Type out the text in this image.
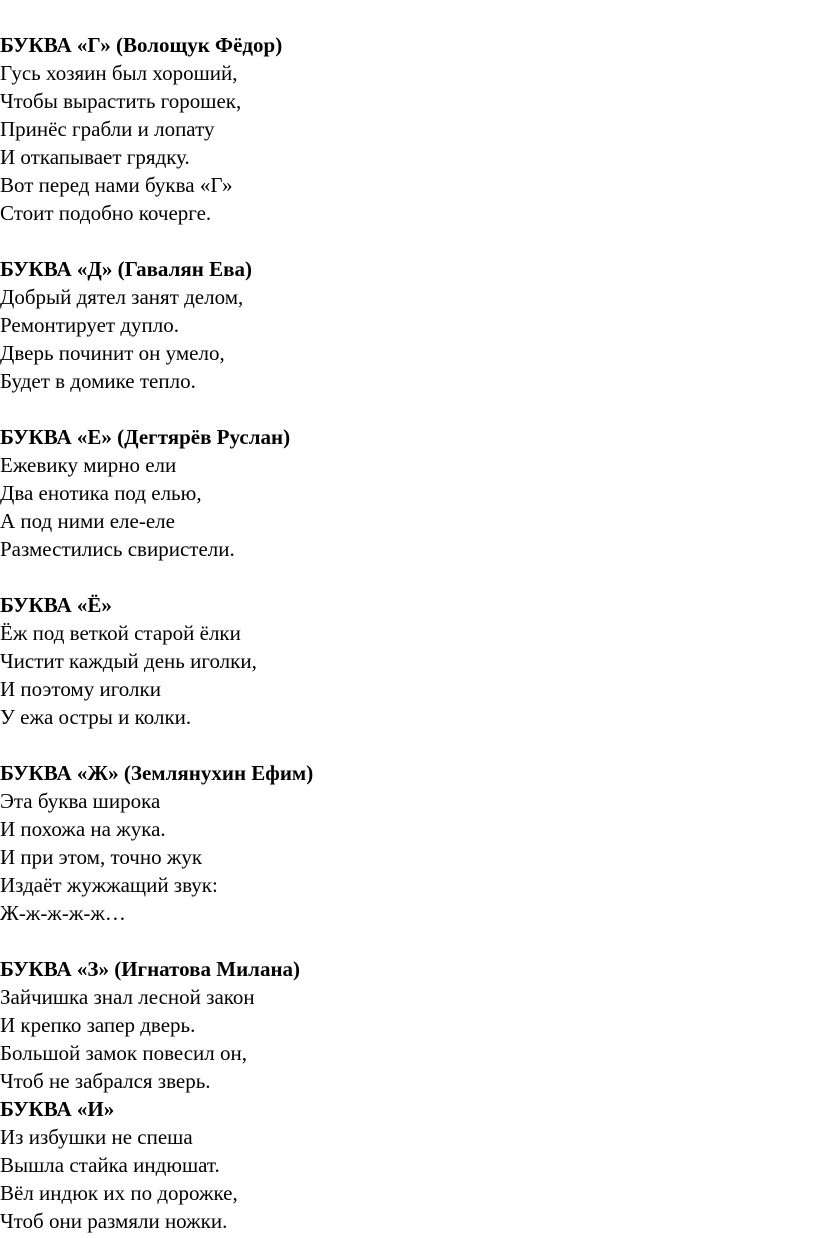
БУКВА «Г» (Волощук Фёдор)
Гусь хозяин был хороший,
Чтобы вырастить горошек,
Принёс грабли и лопату
И откапывает грядку.
Вот перед нами буква «Г»
Стоит подобно кочерге.
БУКВА «Д» (Гавалян Ева)
Добрый дятел занят делом,
Ремонтирует дупло.
Дверь починит он умело,
Будет в домике тепло.
БУКВА «Е» (Дегтярёв Руслан)
Ежевику мирно ели
Два енотика под елью,
А под ними еле-еле
Разместились свиристели.
БУКВА «Ё»
Ёж под веткой старой ёлки
Чистит каждый день иголки,
И поэтому иголки
У ежа остры и колки.
БУКВА «Ж» (Землянухин Ефим)
Эта буква широка
И похожа на жука.
И при этом, точно жук
Издаёт жужжащий звук:
Ж-ж-ж-ж-ж…
БУКВА «З» (Игнатова Милана)
Зайчишка знал лесной закон
И крепко запер дверь.
Большой замок повесил он,
Чтоб не забрался зверь.
БУКВА «И»
Из избушки не спеша
Вышла стайка индюшат.
Вёл индюк их по дорожке,
Чтоб они размяли ножки.
